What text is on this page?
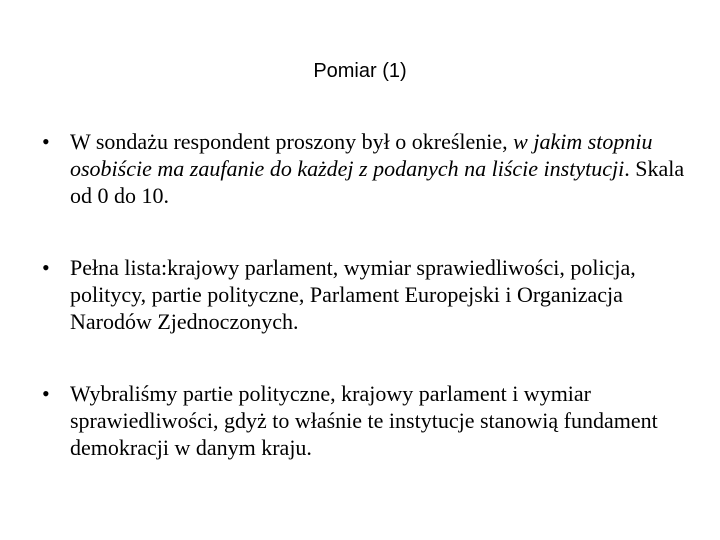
Pomiar (1)
• W sondażu respondent proszony był o określenie, w jakim stopniu osobiście ma zaufanie do każdej z podanych na liście instytucji. Skala od 0 do 10.
• Pełna lista:krajowy parlament, wymiar sprawiedliwości, policja, politycy, partie polityczne, Parlament Europejski i Organizacja Narodów Zjednoczonych.
• Wybraliśmy partie polityczne, krajowy parlament i wymiar sprawiedliwości, gdyż to właśnie te instytucje stanowią fundament demokracji w danym kraju.
